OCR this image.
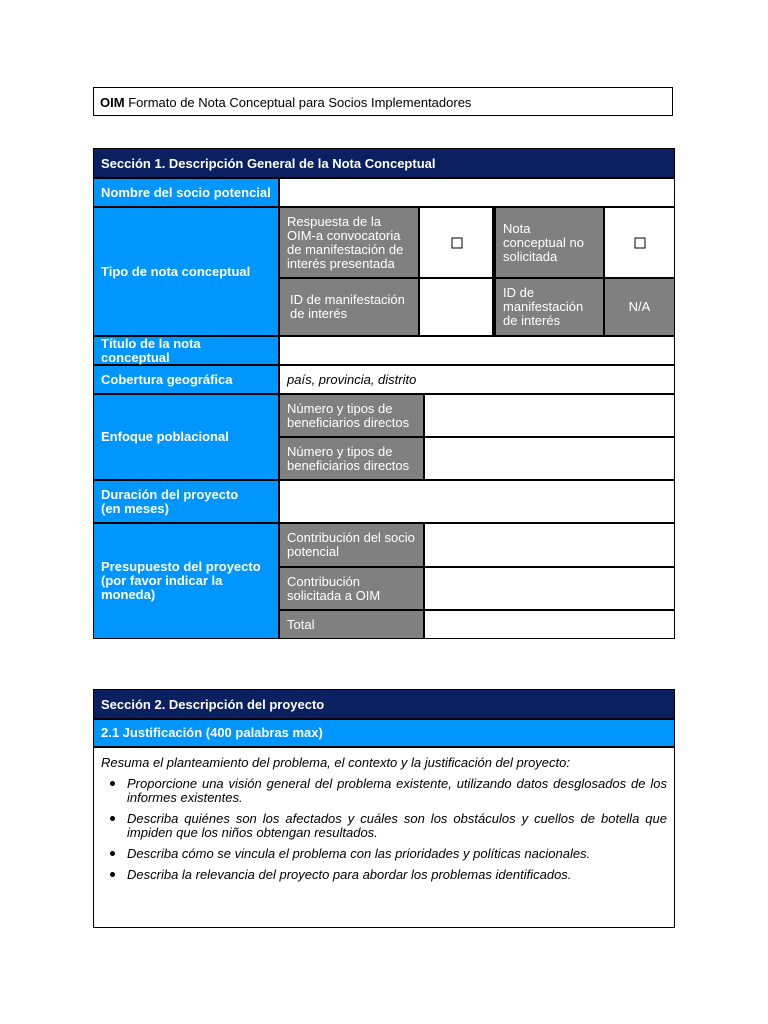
OIM Formato de Nota Conceptual para Socios Implementadores
Sección 1. Descripción General de la Nota Conceptual
Nombre del socio potencial
Tipo de nota conceptual
Respuesta de la OIM-a convocatoria de manifestación de interés presentada
Nota conceptual no solicitada
ID de manifestación de interés
ID de manifestación de interés
N/A
Título de la nota conceptual
Cobertura geográfica	país, provincia, distrito
Enfoque poblacional
Número y tipos de beneficiarios directos
Número y tipos de beneficiarios directos
Duración del proyecto
(en meses)
Presupuesto del proyecto
(por favor indicar la moneda)
Contribución del socio potencial
Contribución solicitada a OIM
Total
Sección 2. Descripción del proyecto
2.1 Justificación (400 palabras max)

Resuma el planteamiento del problema, el contexto y la justificación del proyecto:

Proporcione una visión general del problema existente, utilizando datos desglosados de los informes existentes.
Describa quiénes son los afectados y cuáles son los obstáculos y cuellos de botella que impiden que los niños obtengan resultados.
Describa cómo se vincula el problema con las prioridades y políticas nacionales.
Describa la relevancia del proyecto para abordar los problemas identificados.
